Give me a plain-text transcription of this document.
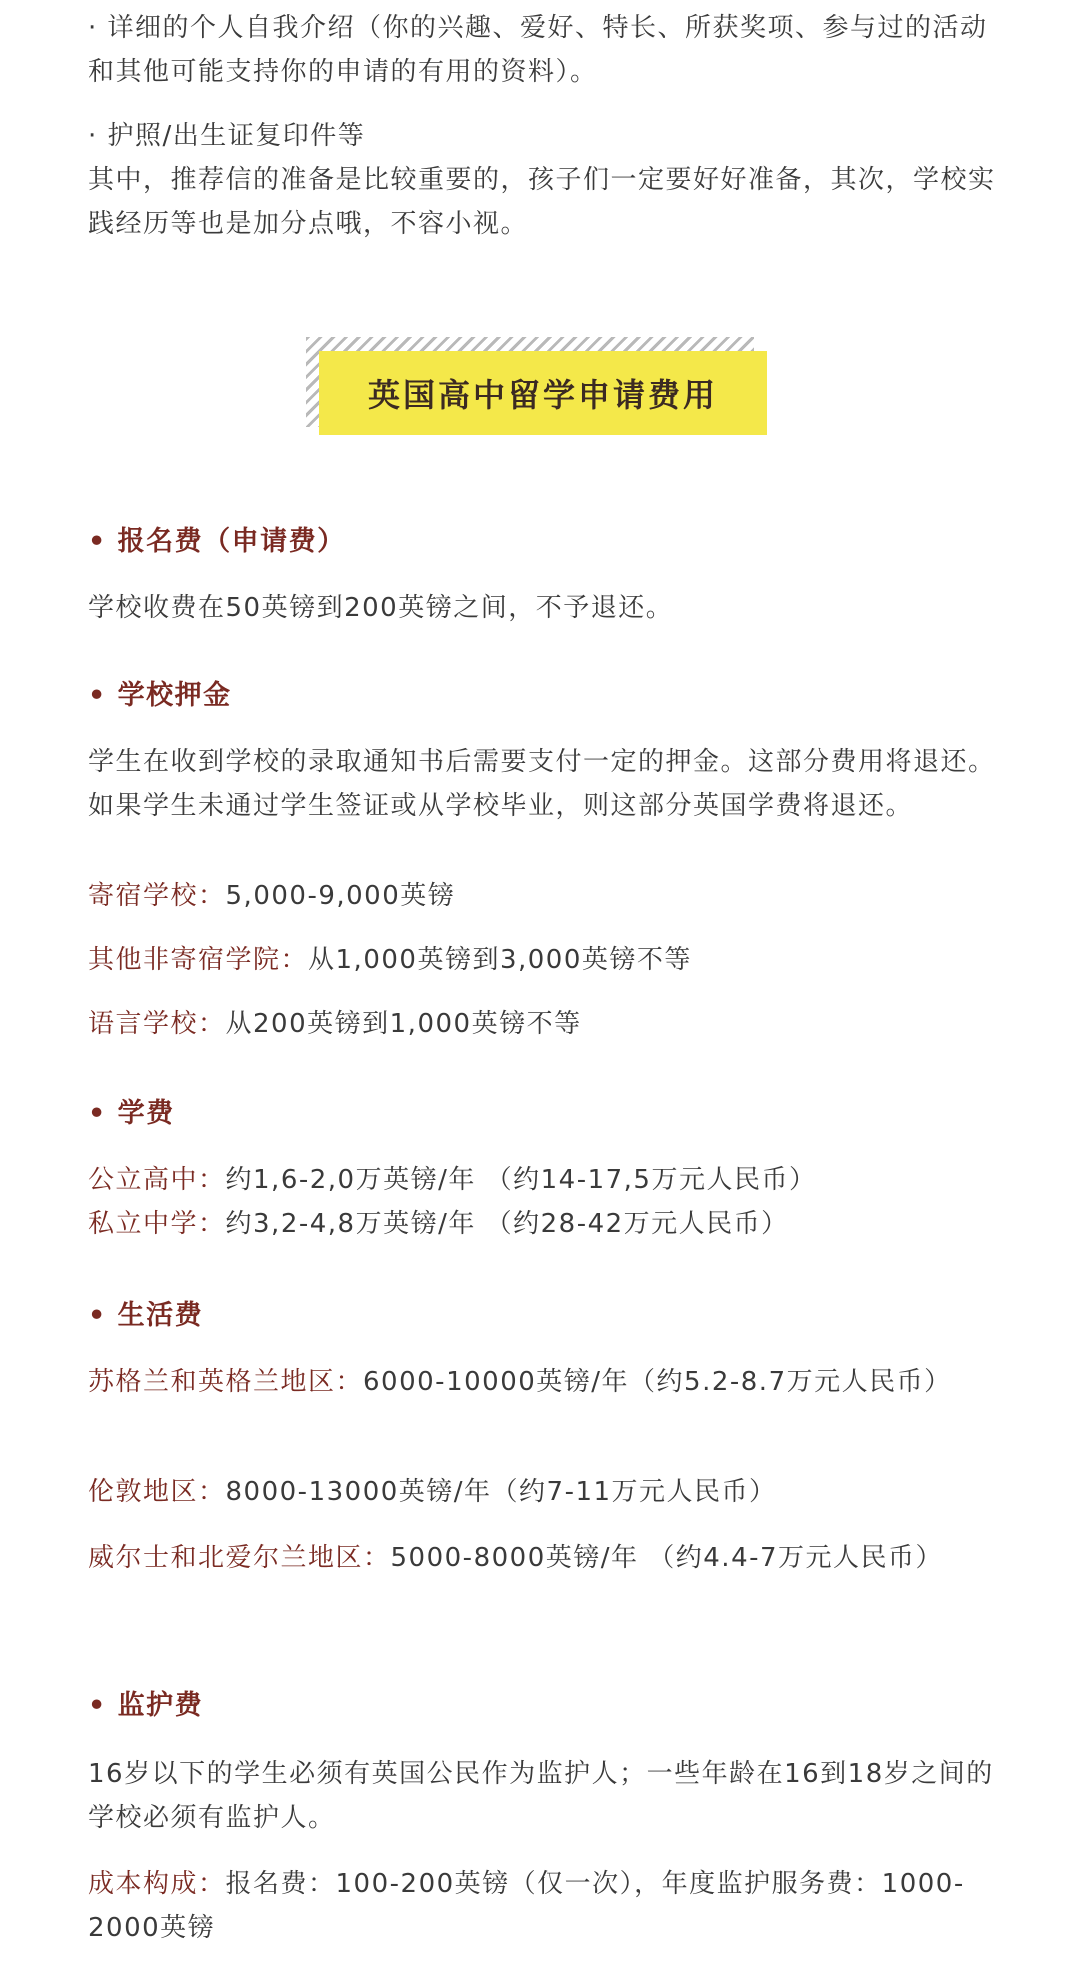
· 详细的个人自我介绍（你的兴趣、爱好、特长、所获奖项、参与过的活动和其他可能支持你的申请的有用的资料）。

· 护照/出生证复印件等

其中，推荐信的准备是比较重要的，孩子们一定要好好准备，其次，学校实践经历等也是加分点哦，不容小视。

英国高中留学申请费用
• 报名费（申请费）

学校收费在50英镑到200英镑之间，不予退还。

• 学校押金

学生在收到学校的录取通知书后需要支付一定的押金。这部分费用将退还。如果学生未通过学生签证或从学校毕业，则这部分英国学费将退还。

寄宿学校：5,000-9,000英镑

其他非寄宿学院：从1,000英镑到3,000英镑不等

语言学校：从200英镑到1,000英镑不等

• 学费

公立高中：约1,6-2,0万英镑/年 （约14-17,5万元人民币）

私立中学：约3,2-4,8万英镑/年 （约28-42万元人民币）

• 生活费

苏格兰和英格兰地区：6000-10000英镑/年（约5.2-8.7万元人民币）

伦敦地区：8000-13000英镑/年（约7-11万元人民币）

威尔士和北爱尔兰地区：5000-8000英镑/年 （约4.4-7万元人民币）

• 监护费

16岁以下的学生必须有英国公民作为监护人；一些年龄在16到18岁之间的学校必须有监护人。

成本构成：报名费：100-200英镑（仅一次），年度监护服务费：1000-2000英镑
